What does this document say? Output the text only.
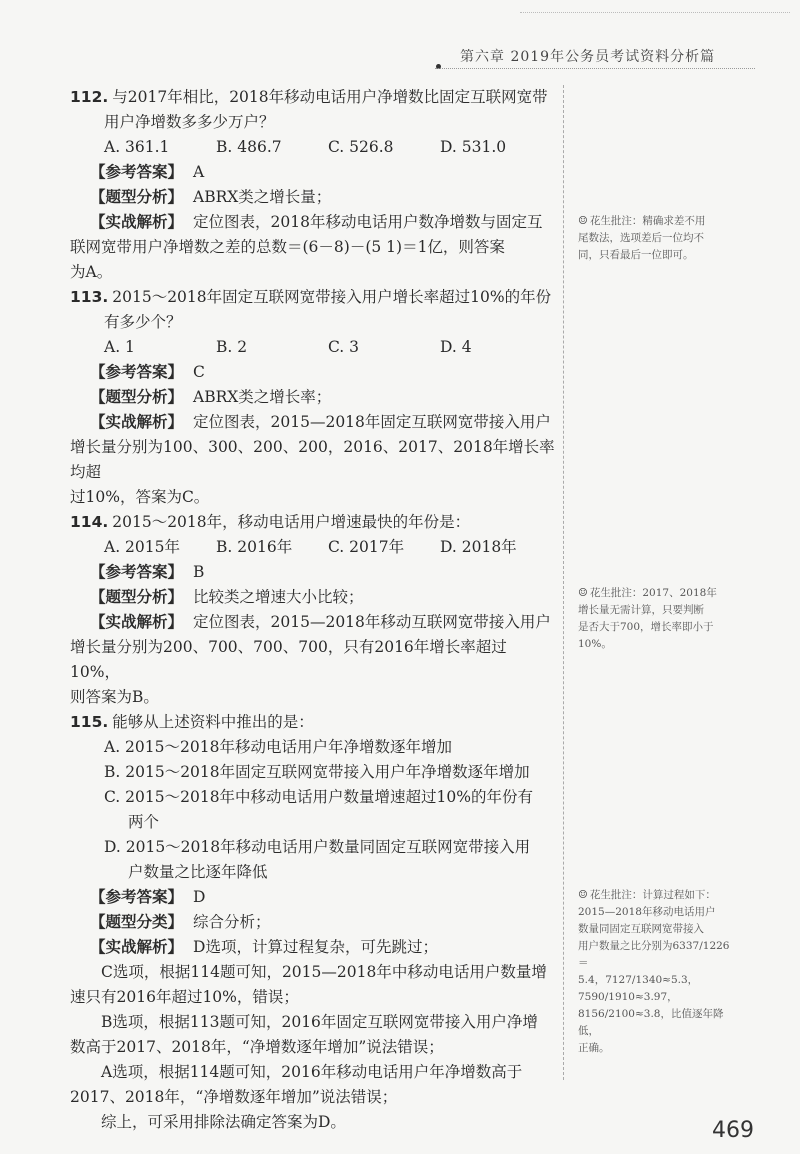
第六章 2019年公务员考试资料分析篇

112. 与2017年相比，2018年移动电话用户净增数比固定互联网宽带

用户净增数多多少万户？

A. 361.1	B. 486.7	C. 526.8	D. 531.0

【参考答案】 A

【题型分析】 ABRX类之增长量；

【实战解析】 定位图表，2018年移动电话用户数净增数与固定互

联网宽带用户净增数之差的总数＝(6－8)－(5 1)＝1亿，则答案

为A。

113. 2015～2018年固定互联网宽带接入用户增长率超过10%的年份

有多少个？

A. 1	B. 2	C. 3	D. 4

【参考答案】 C

【题型分析】 ABRX类之增长率；

【实战解析】 定位图表，2015—2018年固定互联网宽带接入用户

增长量分别为100、300、200、200，2016、2017、2018年增长率均超

过10%，答案为C。

114. 2015～2018年，移动电话用户增速最快的年份是：

A. 2015年	B. 2016年	C. 2017年	D. 2018年

【参考答案】 B

【题型分析】 比较类之增速大小比较；

【实战解析】 定位图表，2015—2018年移动互联网宽带接入用户

增长量分别为200、700、700、700，只有2016年增长率超过10%，

则答案为B。

115. 能够从上述资料中推出的是：

A. 2015～2018年移动电话用户年净增数逐年增加

B. 2015～2018年固定互联网宽带接入用户年净增数逐年增加

C. 2015～2018年中移动电话用户数量增速超过10%的年份有

两个

D. 2015～2018年移动电话用户数量同固定互联网宽带接入用

户数量之比逐年降低

【参考答案】 D

【题型分类】 综合分析；

【实战解析】 D选项，计算过程复杂，可先跳过；

C选项，根据114题可知，2015—2018年中移动电话用户数量增
速只有2016年超过10%，错误；

B选项，根据113题可知，2016年固定互联网宽带接入用户净增
数高于2017、2018年，“净增数逐年增加”说法错误；

A选项，根据114题可知，2016年移动电话用户年净增数高于
2017、2018年，“净增数逐年增加”说法错误；

综上，可采用排除法确定答案为D。

☺ 花生批注：精确求差不用
尾数法，选项差后一位均不
同，只看最后一位即可。
☺ 花生批注：2017、2018年
增长量无需计算，只要判断
是否大于700，增长率即小于
10%。
☺ 花生批注：计算过程如下：
2015—2018年移动电话用户
数量同固定互联网宽带接入
用户数量之比分别为6337/1226＝
5.4，7127/1340≈5.3，7590/1910≈3.97，
8156/2100≈3.8，比值逐年降低，
正确。
469
